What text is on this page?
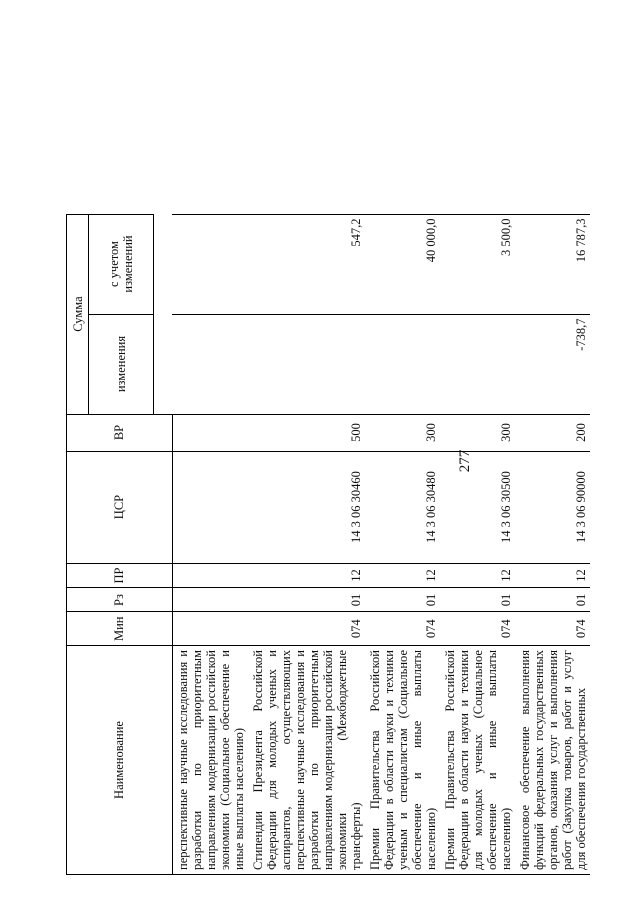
277
Наименование	Мин	Рз	ПР	ЦСР	ВР	Сумма	
						изменения	с учетом изменений

перспективные научные исследования и разработки по приоритетным направлениям модернизации российской экономики (Социальное обеспечение и иные выплаты населению)							
Стипендии Президента Российской Федерации для молодых ученых и аспирантов, осуществляющих перспективные научные исследования и разработки по приоритетным направлениям модернизации российской экономики (Межбюджетные трансферты)	074	01	12	14 3 06 30460	500		547,2
Премии Правительства Российской Федерации в области науки и техники ученым и специалистам (Социальное обеспечение и иные выплаты населению)	074	01	12	14 3 06 30480	300		40 000,0
Премии Правительства Российской Федерации в области науки и техники для молодых ученых (Социальное обеспечение и иные выплаты населению)	074	01	12	14 3 06 30500	300		3 500,0
Финансовое обеспечение выполнения функций федеральных государственных органов, оказания услуг и выполнения работ (Закупка товаров, работ и услуг для обеспечения государственных	074	01	12	14 3 06 90000	200	-738,7	16 787,3
